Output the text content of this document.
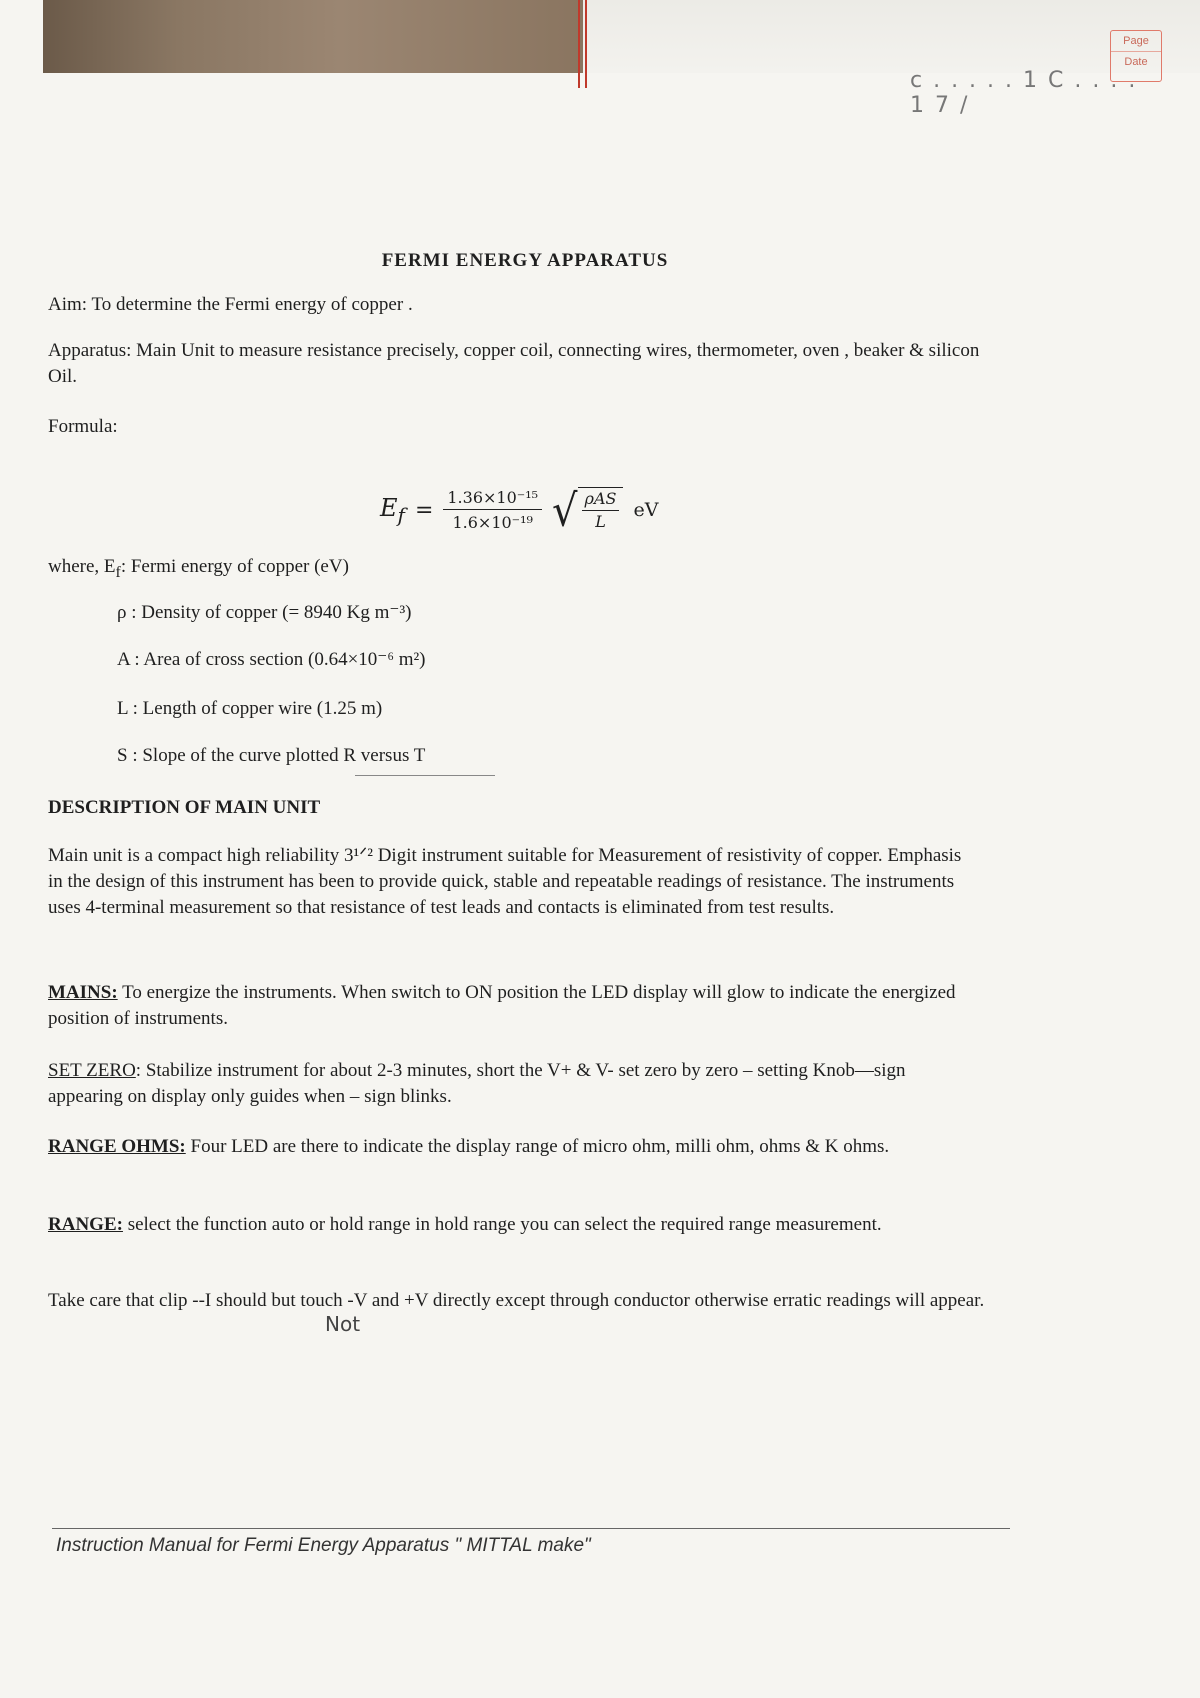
Page
Date
c . . . . . 1 C . . . . 1 7 /
FERMI ENERGY APPARATUS
Aim: To determine the Fermi energy of copper .
Apparatus: Main Unit to measure resistance precisely, copper coil, connecting wires, thermometer, oven , beaker & silicon Oil.
Formula:
$E_f = \frac{\text{1.36×10⁻¹⁵}}{\text{1.6×10⁻¹⁹}}$ √ $\frac{\text{ρAS}}{L}$ eV
where, $E_f$: Fermi energy of copper (eV)
ρ : Density of copper (= 8940 Kg m⁻³)
A : Area of cross section (0.64×10⁻⁶ m²)
L : Length of copper wire (1.25 m)
S : Slope of the curve plotted R versus T
DESCRIPTION OF MAIN UNIT
Main unit is a compact high reliability 3¹ᐟ² Digit instrument suitable for Measurement of resistivity of copper. Emphasis in the design of this instrument has been to provide quick, stable and repeatable readings of resistance. The instruments uses 4-terminal measurement so that resistance of test leads and contacts is eliminated from test results.
MAINS: To energize the instruments. When switch to ON position the LED display will glow to indicate the energized position of instruments.
SET ZERO: Stabilize instrument for about 2-3 minutes, short the V+ & V- set zero by zero – setting Knob—sign appearing on display only guides when – sign blinks.
RANGE OHMS: Four LED are there to indicate the display range of micro ohm, milli ohm, ohms & K ohms.
RANGE: select the function auto or hold range in hold range you can select the required range measurement.
Take care that clip --I should but touch -V and +V directly except through conductor otherwise erratic readings will appear.
Not
Instruction Manual for Fermi Energy Apparatus " MITTAL make"
